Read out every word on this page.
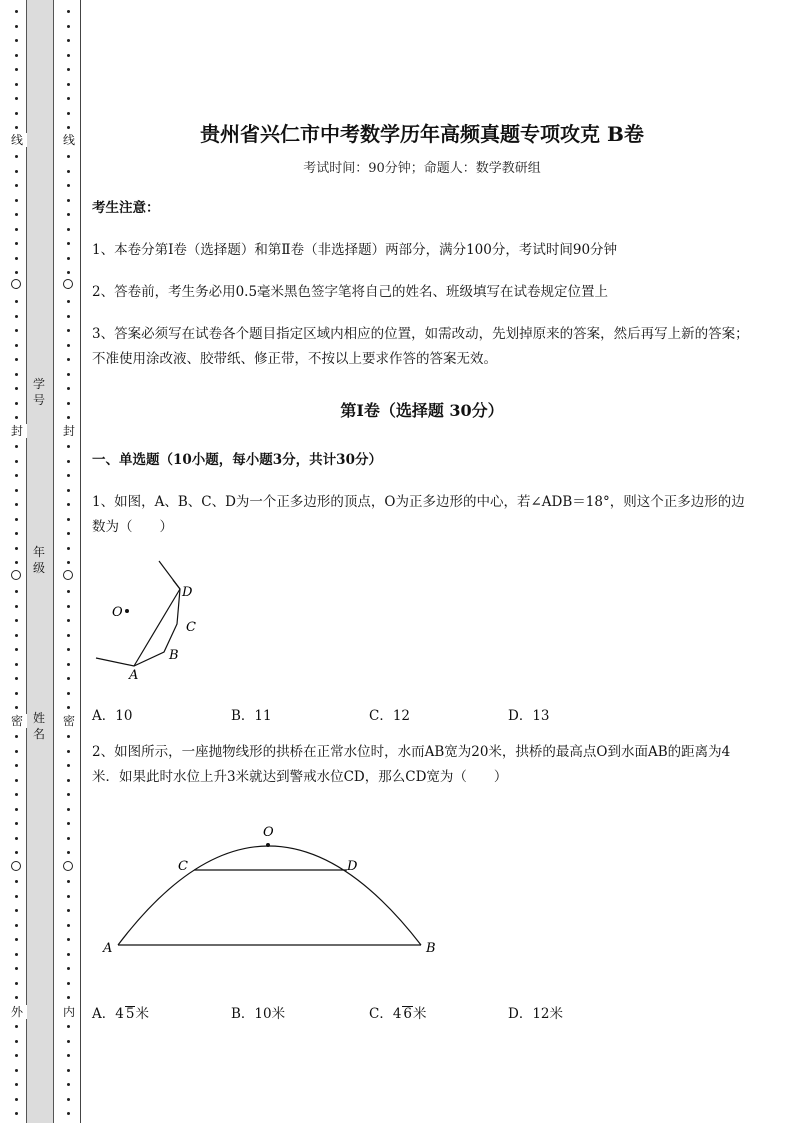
线
封
密
外
线
封
密
内
学号
年级
姓名
贵州省兴仁市中考数学历年高频真题专项攻克 B卷
考试时间：90分钟；命题人：数学教研组
考生注意：
1、本卷分第I卷（选择题）和第Ⅱ卷（非选择题）两部分，满分100分，考试时间90分钟
2、答卷前，考生务必用0.5毫米黑色签字笔将自己的姓名、班级填写在试卷规定位置上
3、答案必须写在试卷各个题目指定区域内相应的位置，如需改动，先划掉原来的答案，然后再写上新的答案；不准使用涂改液、胶带纸、修正带，不按以上要求作答的答案无效。
第I卷（选择题 30分）
一、单选题（10小题，每小题3分，共计30分）
1、如图，A、B、C、D为一个正多边形的顶点，O为正多边形的中心，若∠ADB＝18°，则这个正多边形的边数为（　　）
O
A
B
C
D
A．10	B．11	C．12	D．13
2、如图所示，一座抛物线形的拱桥在正常水位时，水而AB宽为20米，拱桥的最高点O到水面AB的距离为4米．如果此时水位上升3米就达到警戒水位CD，那么CD宽为（　　）
O
C	D
A	B
A．4 5米	B．10米	C．4 6米	D．12米
